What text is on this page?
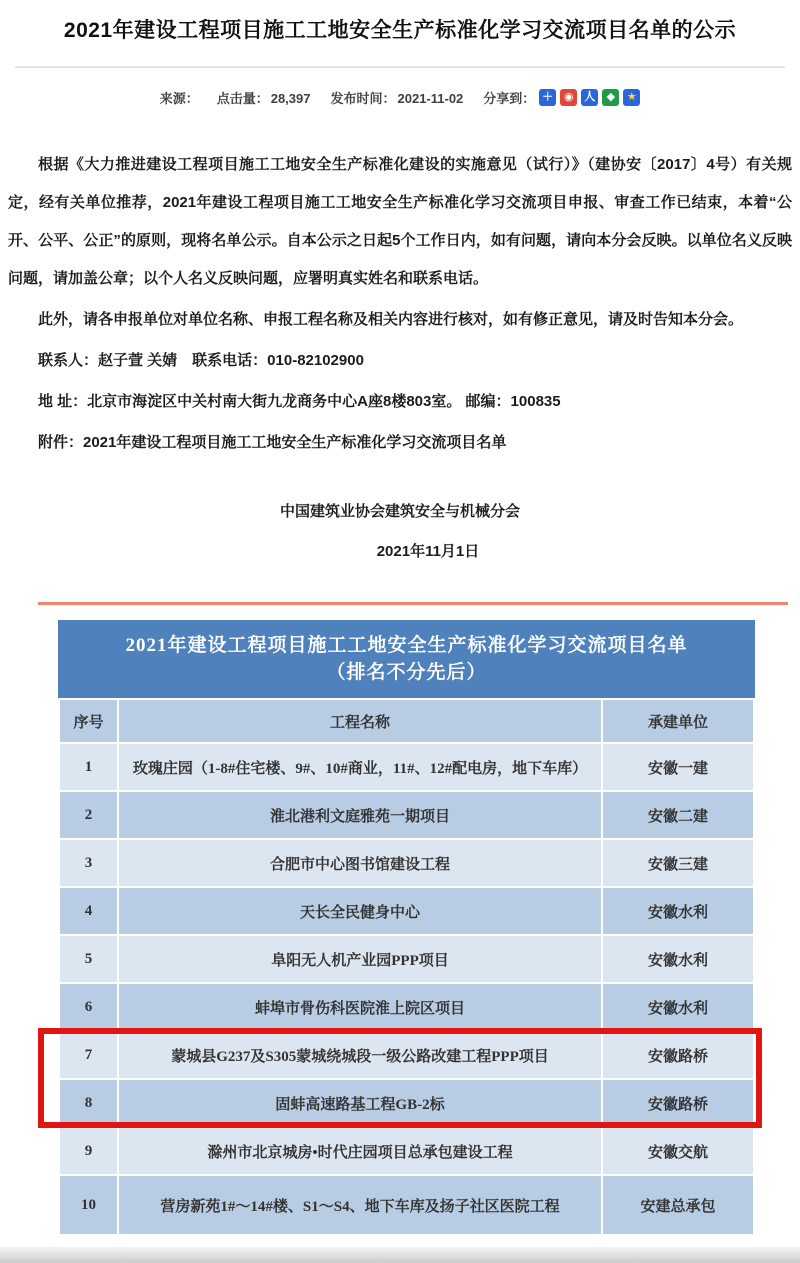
2021年建设工程项目施工工地安全生产标准化学习交流项目名单的公示
来源： 点击量： 28,397 发布时间： 2021-11-02 分享到： ＋ ◉ 人	◆	★

根据《大力推进建设工程项目施工工地安全生产标准化建设的实施意见（试行）》（建协安〔2017〕4号）有关规定，经有关单位推荐，2021年建设工程项目施工工地安全生产标准化学习交流项目申报、审查工作已结束，本着“公开、公平、公正”的原则，现将名单公示。自本公示之日起5个工作日内，如有问题，请向本分会反映。以单位名义反映问题，请加盖公章；以个人名义反映问题，应署明真实姓名和联系电话。

此外，请各申报单位对单位名称、申报工程名称及相关内容进行核对，如有修正意见，请及时告知本分会。

联系人：赵子萱 关婧　联系电话：010-82102900

地 址：北京市海淀区中关村南大街九龙商务中心A座8楼803室。 邮编：100835

附件：2021年建设工程项目施工工地安全生产标准化学习交流项目名单

中国建筑业协会建筑安全与机械分会
2021年11月1日
2021年建设工程项目施工工地安全生产标准化学习交流项目名单
（排名不分先后）
序号	工程名称	承建单位
1	玫瑰庄园（1-8#住宅楼、9#、10#商业，11#、12#配电房，地下车库）	安徽一建
2	淮北港利文庭雅苑一期项目	安徽二建
3	合肥市中心图书馆建设工程	安徽三建
4	天长全民健身中心	安徽水利
5	阜阳无人机产业园PPP项目	安徽水利
6	蚌埠市骨伤科医院淮上院区项目	安徽水利
7	蒙城县G237及S305蒙城绕城段一级公路改建工程PPP项目	安徽路桥
8	固蚌高速路基工程GB-2标	安徽路桥
9	滁州市北京城房•时代庄园项目总承包建设工程	安徽交航
10	营房新苑1#～14#楼、S1～S4、地下车库及扬子社区医院工程	安建总承包
